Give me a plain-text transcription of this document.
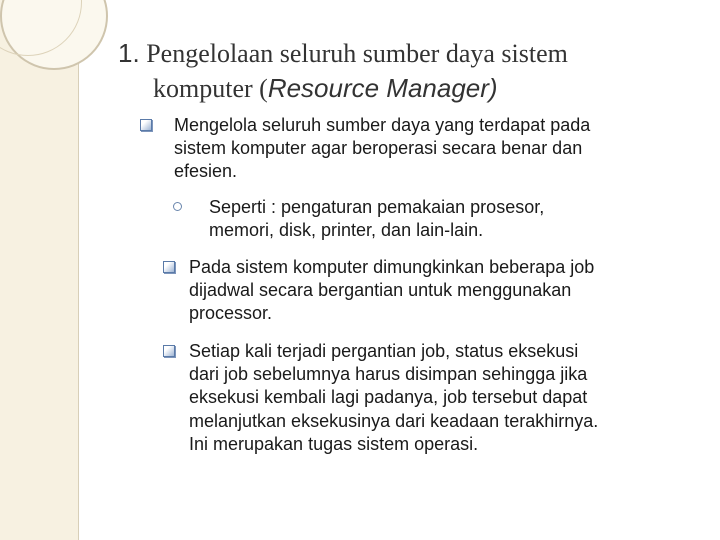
1. Pengelolaan seluruh sumber daya sistem
komputer (Resource Manager)
Mengelola seluruh sumber daya yang terdapat pada
sistem komputer agar beroperasi secara benar dan
efesien.
Seperti : pengaturan pemakaian prosesor,
memori, disk, printer, dan lain-lain.
Pada sistem komputer dimungkinkan beberapa job
dijadwal secara bergantian untuk menggunakan
processor.
Setiap kali terjadi pergantian job, status eksekusi
dari job sebelumnya harus disimpan sehingga jika
eksekusi kembali lagi padanya, job tersebut dapat
melanjutkan eksekusinya dari keadaan terakhirnya.
Ini merupakan tugas sistem operasi.
